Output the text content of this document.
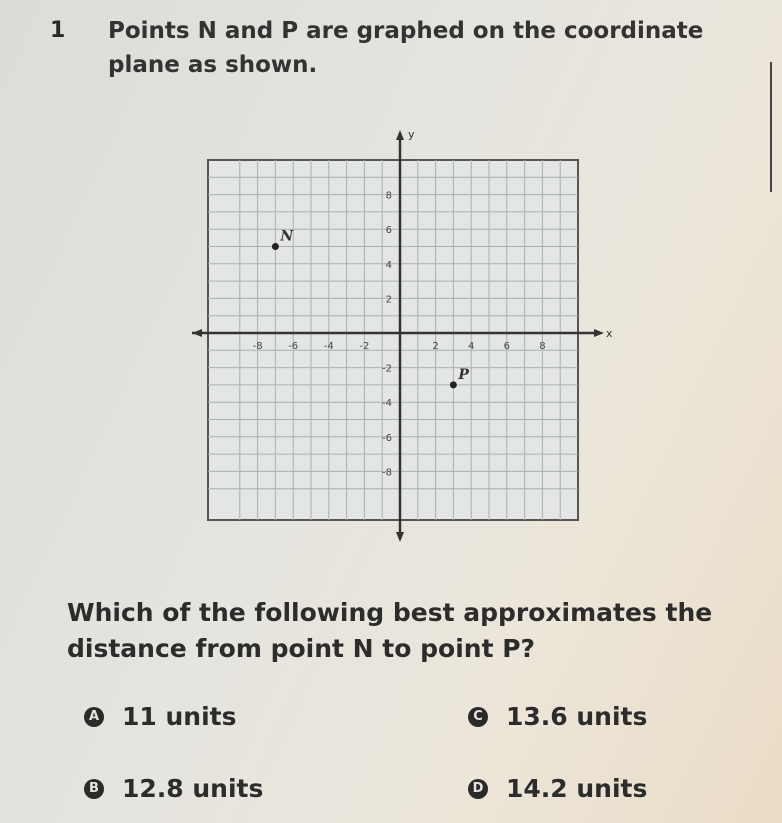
1 Points N and P are graphed on the coordinate
plane as shown.
y
x
-8	-6	-4	-2	2	4	6	8
8
6
4
2
-2
-4
-6
-8
N
P
Which of the following best approximates the
distance from point N to point P?
A 11 units	C 13.6 units
B 12.8 units	D 14.2 units
